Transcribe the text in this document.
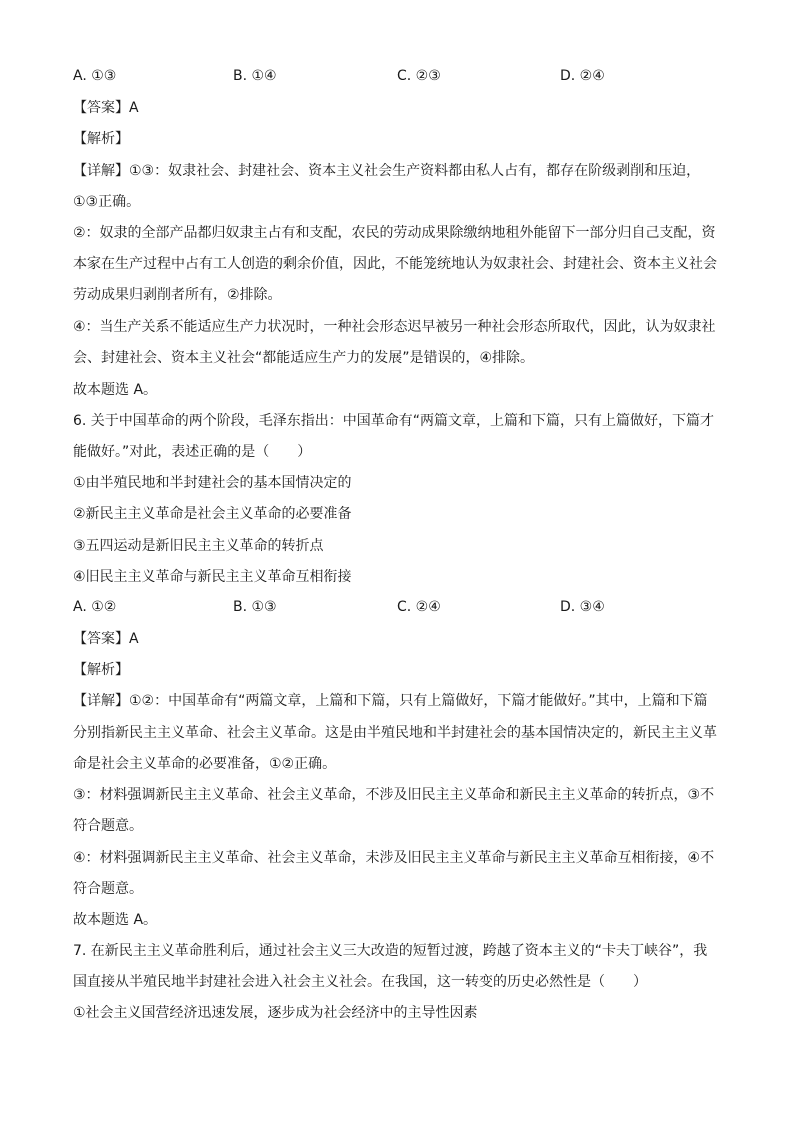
A. ①③	B. ①④	C. ②③	D. ②④
【答案】A
【解析】
【详解】①③：奴隶社会、封建社会、资本主义社会生产资料都由私人占有，都存在阶级剥削和压迫，
①③正确。
②：奴隶的全部产品都归奴隶主占有和支配，农民的劳动成果除缴纳地租外能留下一部分归自己支配，资
本家在生产过程中占有工人创造的剩余价值，因此，不能笼统地认为奴隶社会、封建社会、资本主义社会
劳动成果归剥削者所有，②排除。
④：当生产关系不能适应生产力状况时，一种社会形态迟早被另一种社会形态所取代，因此，认为奴隶社
会、封建社会、资本主义社会“都能适应生产力的发展”是错误的，④排除。
故本题选 A。
6. 关于中国革命的两个阶段，毛泽东指出：中国革命有“两篇文章，上篇和下篇，只有上篇做好，下篇才
能做好。”对此，表述正确的是（　　）
①由半殖民地和半封建社会的基本国情决定的
②新民主主义革命是社会主义革命的必要准备
③五四运动是新旧民主主义革命的转折点
④旧民主主义革命与新民主主义革命互相衔接
A. ①②	B. ①③	C. ②④	D. ③④
【答案】A
【解析】
【详解】①②：中国革命有“两篇文章，上篇和下篇，只有上篇做好，下篇才能做好。”其中，上篇和下篇
分别指新民主主义革命、社会主义革命。这是由半殖民地和半封建社会的基本国情决定的，新民主主义革
命是社会主义革命的必要准备，①②正确。
③：材料强调新民主主义革命、社会主义革命，不涉及旧民主主义革命和新民主主义革命的转折点，③不
符合题意。
④：材料强调新民主主义革命、社会主义革命，未涉及旧民主主义革命与新民主主义革命互相衔接，④不
符合题意。
故本题选 A。
7. 在新民主主义革命胜利后，通过社会主义三大改造的短暂过渡，跨越了资本主义的“卡夫丁峡谷”，我
国直接从半殖民地半封建社会进入社会主义社会。在我国，这一转变的历史必然性是（　　）
①社会主义国营经济迅速发展，逐步成为社会经济中的主导性因素
